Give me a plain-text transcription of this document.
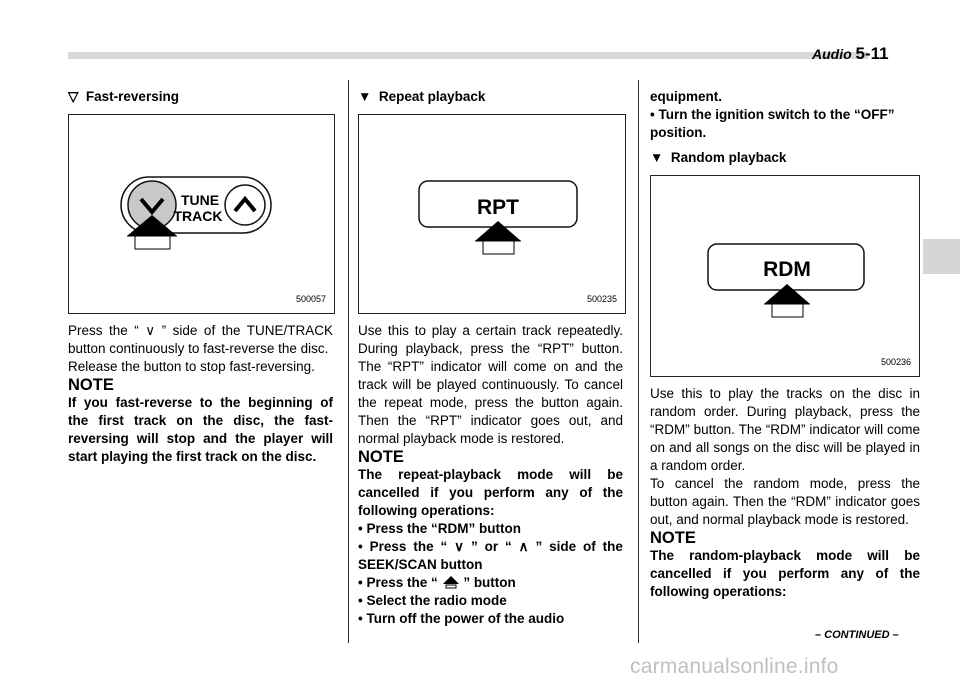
Audio 5-11

▽ Fast-reversing

TUNE
TRACK
500057

Press the “ ∨ ” side of the TUNE/TRACK button continuously to fast-reverse the disc.

Release the button to stop fast-reversing.

NOTE

If you fast-reverse to the beginning of the first track on the disc, the fast-reversing will stop and the player will start playing the first track on the disc.

▼ Repeat playback

RPT
500235

Use this to play a certain track repeatedly. During playback, press the “RPT” button. The “RPT” indicator will come on and the track will be played continuously. To cancel the repeat mode, press the button again. Then the “RPT” indicator goes out, and normal playback mode is restored.

NOTE

The repeat-playback mode will be cancelled if you perform any of the following operations:

• Press the “RDM” button

• Press the “ ∨ ” or “ ∧ ” side of the SEEK/SCAN button

• Press the “ ” button

• Select the radio mode

• Turn off the power of the audio

equipment.

• Turn the ignition switch to the “OFF” position.

▼ Random playback

RDM
500236

Use this to play the tracks on the disc in random order. During playback, press the “RDM” button. The “RDM” indicator will come on and all songs on the disc will be played in a random order.

To cancel the random mode, press the button again. Then the “RDM” indicator goes out, and normal playback mode is restored.

NOTE

The random-playback mode will be cancelled if you perform any of the following operations:

– CONTINUED –
carmanualsonline.info
